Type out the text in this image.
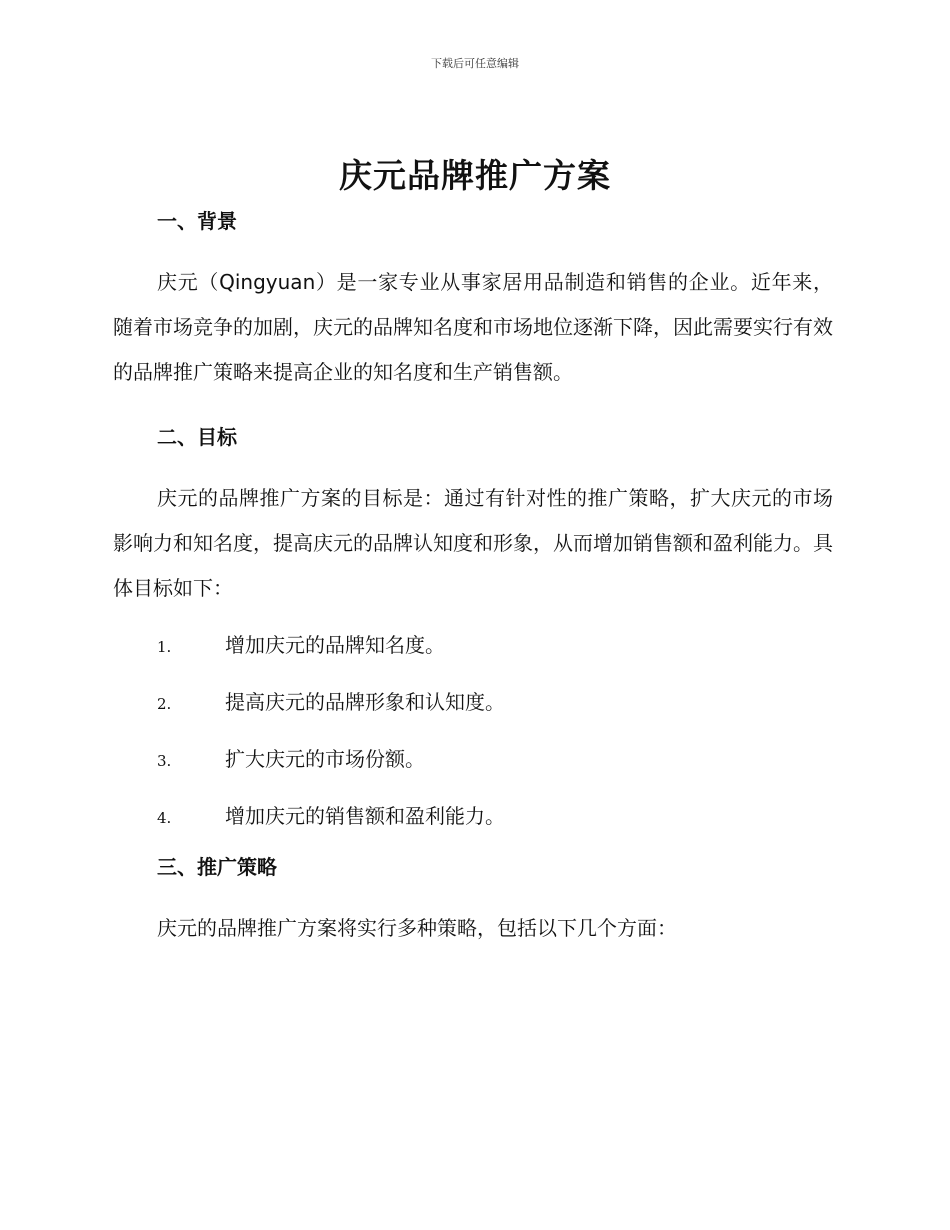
下载后可任意编辑
庆元品牌推广方案
一、背景

庆元（Qingyuan）是一家专业从事家居用品制造和销售的企业。近年来，随着市场竞争的加剧，庆元的品牌知名度和市场地位逐渐下降，因此需要实行有效的品牌推广策略来提高企业的知名度和生产销售额。

二、目标

庆元的品牌推广方案的目标是：通过有针对性的推广策略，扩大庆元的市场影响力和知名度，提高庆元的品牌认知度和形象，从而增加销售额和盈利能力。具体目标如下：

1.	增加庆元的品牌知名度。
2.	提高庆元的品牌形象和认知度。
3.	扩大庆元的市场份额。
4.	增加庆元的销售额和盈利能力。
三、推广策略

庆元的品牌推广方案将实行多种策略，包括以下几个方面：
